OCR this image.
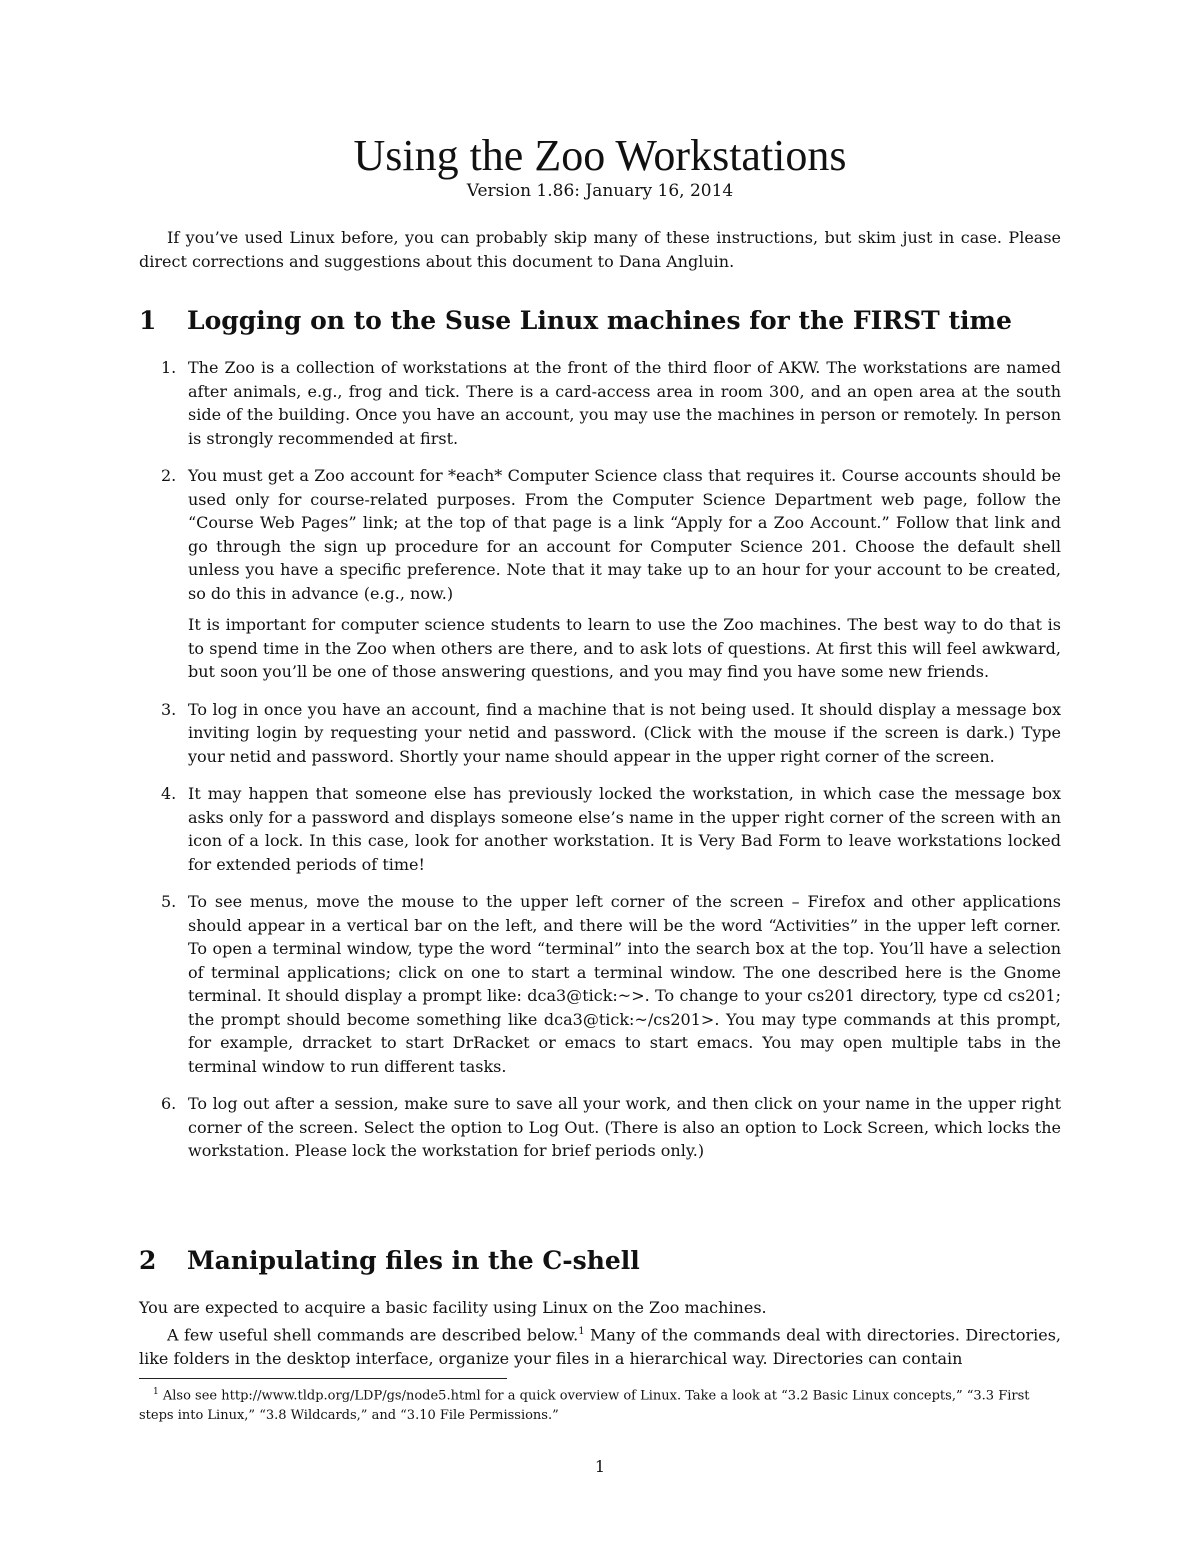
Using the Zoo Workstations

Version 1.86: January 16, 2014

If you’ve used Linux before, you can probably skip many of these instructions, but skim just in case. Please direct corrections and suggestions about this document to Dana Angluin.

1 Logging on to the Suse Linux machines for the FIRST time
1. The Zoo is a collection of workstations at the front of the third floor of AKW. The workstations are named after animals, e.g., frog and tick. There is a card-access area in room 300, and an open area at the south side of the building. Once you have an account, you may use the machines in person or remotely. In person is strongly recommended at first.

2. You must get a Zoo account for *each* Computer Science class that requires it. Course accounts should be used only for course-related purposes. From the Computer Science Department web page, follow the “Course Web Pages” link; at the top of that page is a link “Apply for a Zoo Account.” Follow that link and go through the sign up procedure for an account for Computer Science 201. Choose the default shell unless you have a specific preference. Note that it may take up to an hour for your account to be created, so do this in advance (e.g., now.)

It is important for computer science students to learn to use the Zoo machines. The best way to do that is to spend time in the Zoo when others are there, and to ask lots of questions. At first this will feel awkward, but soon you’ll be one of those answering questions, and you may find you have some new friends.

3. To log in once you have an account, find a machine that is not being used. It should display a message box inviting login by requesting your netid and password. (Click with the mouse if the screen is dark.) Type your netid and password. Shortly your name should appear in the upper right corner of the screen.

4. It may happen that someone else has previously locked the workstation, in which case the message box asks only for a password and displays someone else’s name in the upper right corner of the screen with an icon of a lock. In this case, look for another workstation. It is Very Bad Form to leave workstations locked for extended periods of time!

5. To see menus, move the mouse to the upper left corner of the screen – Firefox and other applications should appear in a vertical bar on the left, and there will be the word “Activities” in the upper left corner. To open a terminal window, type the word “terminal” into the search box at the top. You’ll have a selection of terminal applications; click on one to start a terminal window. The one described here is the Gnome terminal. It should display a prompt like: dca3@tick:~>. To change to your cs201 directory, type cd cs201; the prompt should become something like dca3@tick:~/cs201>. You may type commands at this prompt, for example, drracket to start DrRacket or emacs to start emacs. You may open multiple tabs in the terminal window to run different tasks.

6. To log out after a session, make sure to save all your work, and then click on your name in the upper right corner of the screen. Select the option to Log Out. (There is also an option to Lock Screen, which locks the workstation. Please lock the workstation for brief periods only.)

2 Manipulating files in the C-shell

You are expected to acquire a basic facility using Linux on the Zoo machines.

A few useful shell commands are described below.$^1$ Many of the commands deal with directories. Directories, like folders in the desktop interface, organize your files in a hierarchical way. Directories can contain

$^1$ Also see http://www.tldp.org/LDP/gs/node5.html for a quick overview of Linux. Take a look at “3.2 Basic Linux concepts,” “3.3 First steps into Linux,” “3.8 Wildcards,” and “3.10 File Permissions.”

1
